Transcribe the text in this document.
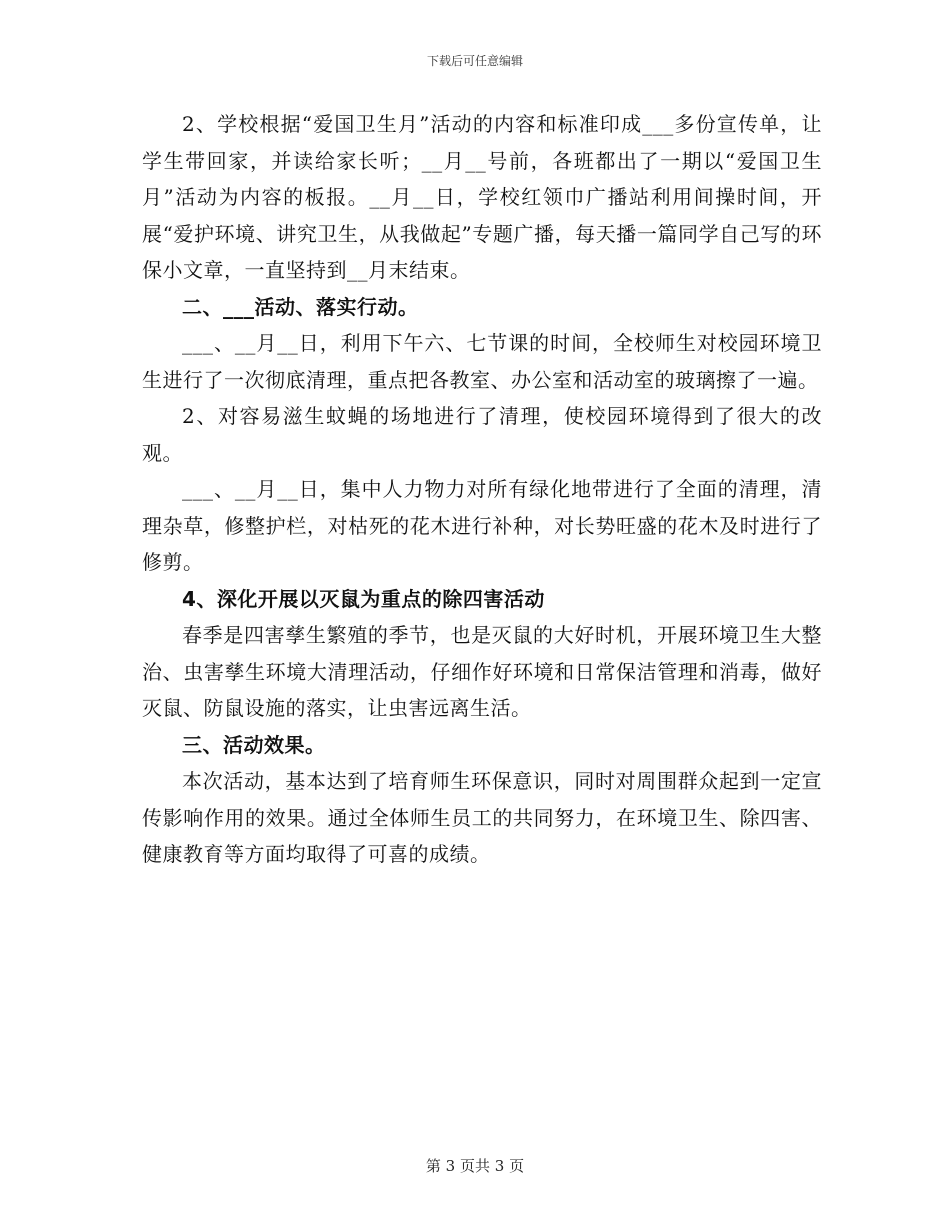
下载后可任意编辑

2、学校根据“爱国卫生月”活动的内容和标准印成___多份宣传单，让学生带回家，并读给家长听；__月__号前，各班都出了一期以“爱国卫生月”活动为内容的板报。__月__日，学校红领巾广播站利用间操时间，开展“爱护环境、讲究卫生，从我做起”专题广播，每天播一篇同学自己写的环保小文章，一直坚持到__月末结束。

二、___活动、落实行动。

___、__月__日，利用下午六、七节课的时间，全校师生对校园环境卫生进行了一次彻底清理，重点把各教室、办公室和活动室的玻璃擦了一遍。

2、对容易滋生蚊蝇的场地进行了清理，使校园环境得到了很大的改观。

___、__月__日，集中人力物力对所有绿化地带进行了全面的清理，清理杂草，修整护栏，对枯死的花木进行补种，对长势旺盛的花木及时进行了修剪。

4、深化开展以灭鼠为重点的除四害活动

春季是四害孳生繁殖的季节，也是灭鼠的大好时机，开展环境卫生大整治、虫害孳生环境大清理活动，仔细作好环境和日常保洁管理和消毒，做好灭鼠、防鼠设施的落实，让虫害远离生活。

三、活动效果。

本次活动，基本达到了培育师生环保意识，同时对周围群众起到一定宣传影响作用的效果。通过全体师生员工的共同努力，在环境卫生、除四害、健康教育等方面均取得了可喜的成绩。

第 3 页共 3 页
